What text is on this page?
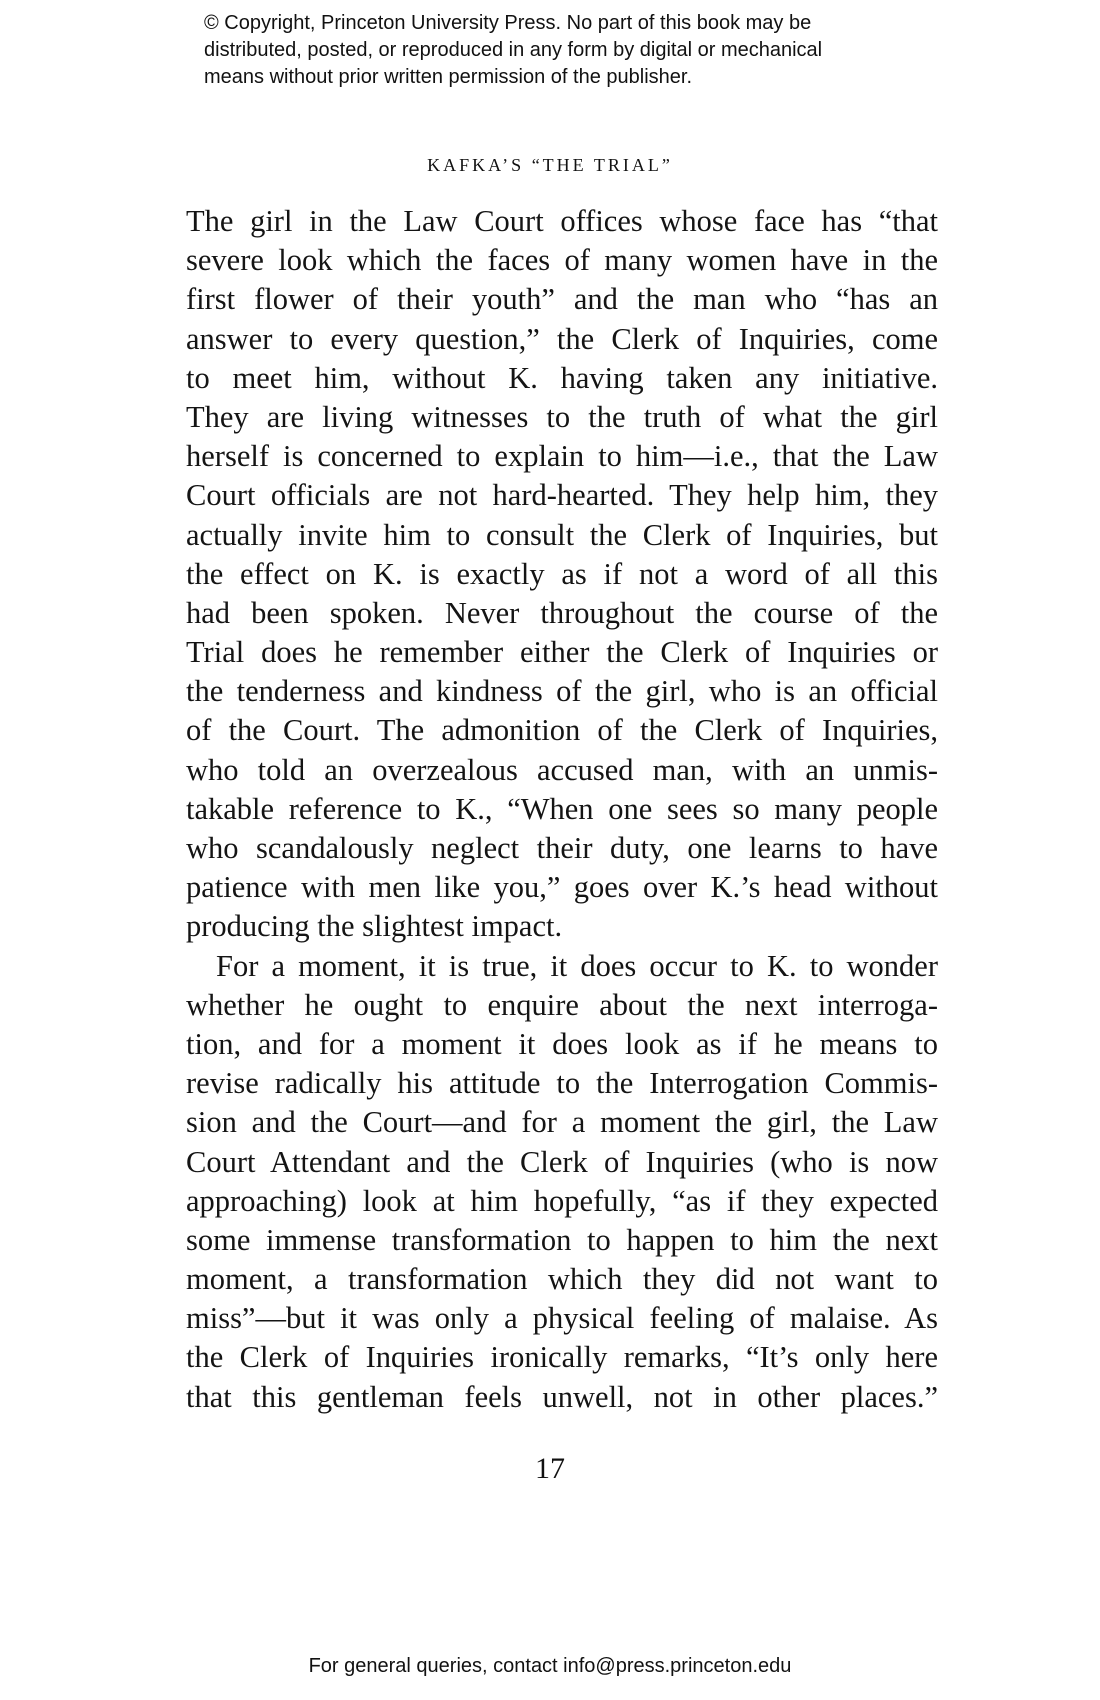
© Copyright, Princeton University Press. No part of this book may be
distributed, posted, or reproduced in any form by digital or mechanical
means without prior written permission of the publisher.
KAFKA’S “THE TRIAL”
The girl in the Law Court offices whose face has “that
severe look which the faces of many women have in the
first flower of their youth” and the man who “has an
answer to every question,” the Clerk of Inquiries, come
to meet him, without K. having taken any initiative.
They are living witnesses to the truth of what the girl
herself is concerned to explain to him—i.e., that the Law
Court officials are not hard-hearted. They help him, they
actually invite him to consult the Clerk of Inquiries, but
the effect on K. is exactly as if not a word of all this
had been spoken. Never throughout the course of the
Trial does he remember either the Clerk of Inquiries or
the tenderness and kindness of the girl, who is an official
of the Court. The admonition of the Clerk of Inquiries,
who told an overzealous accused man, with an unmis-
takable reference to K., “When one sees so many people
who scandalously neglect their duty, one learns to have
patience with men like you,” goes over K.’s head without
producing the slightest impact.
For a moment, it is true, it does occur to K. to wonder
whether he ought to enquire about the next interroga-
tion, and for a moment it does look as if he means to
revise radically his attitude to the Interrogation Commis-
sion and the Court—and for a moment the girl, the Law
Court Attendant and the Clerk of Inquiries (who is now
approaching) look at him hopefully, “as if they expected
some immense transformation to happen to him the next
moment, a transformation which they did not want to
miss”—but it was only a physical feeling of malaise. As
the Clerk of Inquiries ironically remarks, “It’s only here
that this gentleman feels unwell, not in other places.”
17
For general queries, contact info@press.princeton.edu
